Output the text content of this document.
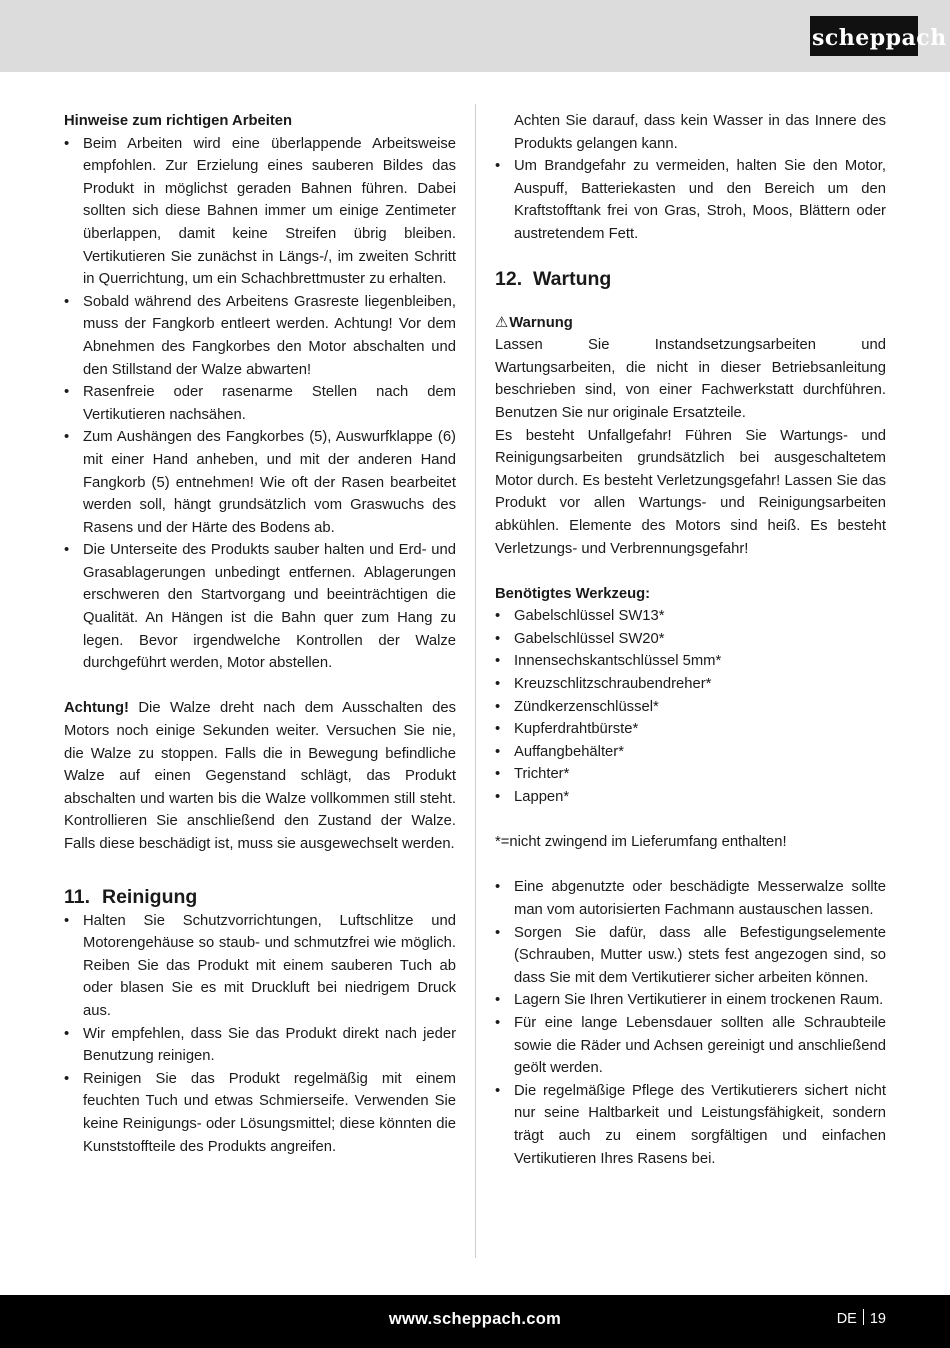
scheppach

Hinweise zum richtigen Arbeiten

• Beim Arbeiten wird eine überlappende Arbeitsweise empfohlen. Zur Erzielung eines sauberen Bildes das Produkt in möglichst geraden Bahnen führen. Dabei sollten sich diese Bahnen immer um einige Zentimeter überlappen, damit keine Streifen übrig bleiben. Vertikutieren Sie zunächst in Längs-/, im zweiten Schritt in Querrichtung, um ein Schachbrettmuster zu erhalten.
• Sobald während des Arbeitens Grasreste liegenbleiben, muss der Fangkorb entleert werden. Achtung! Vor dem Abnehmen des Fangkorbes den Motor abschalten und den Stillstand der Walze abwarten!
• Rasenfreie oder rasenarme Stellen nach dem Vertikutieren nachsähen.
• Zum Aushängen des Fangkorbes (5), Auswurfklappe (6) mit einer Hand anheben, und mit der anderen Hand Fangkorb (5) entnehmen! Wie oft der Rasen bearbeitet werden soll, hängt grundsätzlich vom Graswuchs des Rasens und der Härte des Bodens ab.
• Die Unterseite des Produkts sauber halten und Erd- und Grasablagerungen unbedingt entfernen. Ablagerungen erschweren den Startvorgang und beeinträchtigen die Qualität. An Hängen ist die Bahn quer zum Hang zu legen. Bevor irgendwelche Kontrollen der Walze durchgeführt werden, Motor abstellen.

Achtung! Die Walze dreht nach dem Ausschalten des Motors noch einige Sekunden weiter. Versuchen Sie nie, die Walze zu stoppen. Falls die in Bewegung befindliche Walze auf einen Gegenstand schlägt, das Produkt abschalten und warten bis die Walze vollkommen still steht. Kontrollieren Sie anschließend den Zustand der Walze. Falls diese beschädigt ist, muss sie ausgewechselt werden.

11. Reinigung

• Halten Sie Schutzvorrichtungen, Luftschlitze und Motorengehäuse so staub- und schmutzfrei wie möglich. Reiben Sie das Produkt mit einem sauberen Tuch ab oder blasen Sie es mit Druckluft bei niedrigem Druck aus.
• Wir empfehlen, dass Sie das Produkt direkt nach jeder Benutzung reinigen.
• Reinigen Sie das Produkt regelmäßig mit einem feuchten Tuch und etwas Schmierseife. Verwenden Sie keine Reinigungs- oder Lösungsmittel; diese könnten die Kunststoffteile des Produkts angreifen.
Achten Sie darauf, dass kein Wasser in das Innere des Produkts gelangen kann.
• Um Brandgefahr zu vermeiden, halten Sie den Motor, Auspuff, Batteriekasten und den Bereich um den Kraftstofftank frei von Gras, Stroh, Moos, Blättern oder austretendem Fett.

12. Wartung

⚠Warnung

Lassen Sie Instandsetzungsarbeiten und Wartungsarbeiten, die nicht in dieser Betriebsanleitung beschrieben sind, von einer Fachwerkstatt durchführen. Benutzen Sie nur originale Ersatzteile.

Es besteht Unfallgefahr! Führen Sie Wartungs- und Reinigungsarbeiten grundsätzlich bei ausgeschaltetem Motor durch. Es besteht Verletzungsgefahr! Lassen Sie das Produkt vor allen Wartungs- und Reinigungsarbeiten abkühlen. Elemente des Motors sind heiß. Es besteht Verletzungs- und Verbrennungsgefahr!

Benötigtes Werkzeug:

• Gabelschlüssel SW13*
• Gabelschlüssel SW20*
• Innensechskantschlüssel 5mm*
• Kreuzschlitzschraubendreher*
• Zündkerzenschlüssel*
• Kupferdrahtbürste*
• Auffangbehälter*
• Trichter*
• Lappen*

*=nicht zwingend im Lieferumfang enthalten!

• Eine abgenutzte oder beschädigte Messerwalze sollte man vom autorisierten Fachmann austauschen lassen.
• Sorgen Sie dafür, dass alle Befestigungselemente (Schrauben, Mutter usw.) stets fest angezogen sind, so dass Sie mit dem Vertikutierer sicher arbeiten können.
• Lagern Sie Ihren Vertikutierer in einem trockenen Raum.
• Für eine lange Lebensdauer sollten alle Schraubteile sowie die Räder und Achsen gereinigt und anschließend geölt werden.
• Die regelmäßige Pflege des Vertikutierers sichert nicht nur seine Haltbarkeit und Leistungsfähigkeit, sondern trägt auch zu einem sorgfältigen und einfachen Vertikutieren Ihres Rasens bei.
www.scheppach.com	DE 19
